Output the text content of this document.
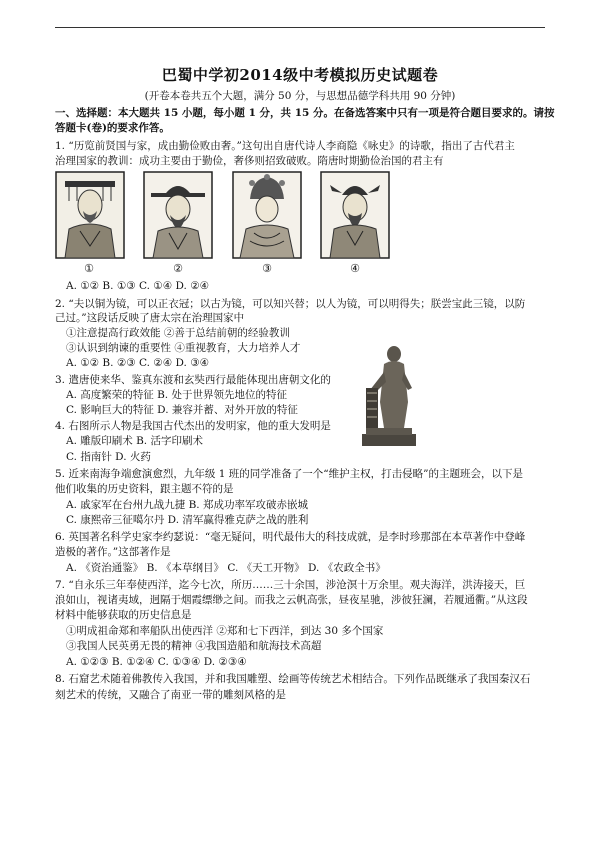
巴蜀中学初2014级中考模拟历史试题卷
(开卷本卷共五个大题，满分 50 分，与思想品德学科共用 90 分钟)
一、选择题：本大题共 15 小题，每小题 1 分，共 15 分。在备选答案中只有一项是符合题目要求的。请按
答题卡(卷)的要求作答。
1. “历览前贤国与家，成由勤俭败由奢。”这句出自唐代诗人李商隐《咏史》的诗歌，指出了古代君主
治理国家的教训：成功主要由于勤俭，奢侈则招致破败。隋唐时期勤俭治国的君主有
①	②	③	④
A. ①② B. ①③ C. ①④ D. ②④
2. “夫以铜为镜，可以正衣冠；以古为镜，可以知兴替；以人为镜，可以明得失；朕尝宝此三镜，以防
己过。”这段话反映了唐太宗在治理国家中
①注意提高行政效能 ②善于总结前朝的经验教训
③认识到纳谏的重要性 ④重视教育，大力培养人才
A. ①② B. ②③ C. ②④ D. ③④
3. 遣唐使来华、鉴真东渡和玄奘西行最能体现出唐朝文化的
A. 高度繁荣的特征 B. 处于世界领先地位的特征
C. 影响巨大的特征 D. 兼容并蓄、对外开放的特征
4. 右图所示人物是我国古代杰出的发明家，他的重大发明是
A. 雕版印刷术 B. 活字印刷术
C. 指南针 D. 火药
5. 近来南海争端愈演愈烈，九年级 1 班的同学准备了一个“维护主权，打击侵略”的主题班会，以下是
他们收集的历史资料，跟主题不符的是
A. 戚家军在台州九战九捷 B. 郑成功率军攻破赤嵌城
C. 康熙帝三征噶尔丹 D. 清军赢得雅克萨之战的胜利
6. 英国著名科学史家李约瑟说：“毫无疑问，明代最伟大的科技成就，是李时珍那部在本草著作中登峰
造极的著作。”这部著作是
A. 《资治通鉴》 B. 《本草纲目》 C. 《天工开物》 D. 《农政全书》
7. “自永乐三年奉使西洋，迄今七次，所历……三十余国，涉沧溟十万余里。观夫海洋，洪涛接天，巨
浪如山，视诸夷域，迥隔于烟霞缥缈之间。而我之云帆高张，昼夜星驰，涉彼狂澜，若履通衢。”从这段
材料中能够获取的历史信息是
①明成祖命郑和率船队出使西洋 ②郑和七下西洋，到达 30 多个国家
③我国人民英勇无畏的精神 ④我国造船和航海技术高超
A. ①②③ B. ①②④ C. ①③④ D. ②③④
8. 石窟艺术随着佛教传入我国，并和我国雕塑、绘画等传统艺术相结合。下列作品既继承了我国秦汉石
刻艺术的传统，又融合了南亚一带的雕刻风格的是
